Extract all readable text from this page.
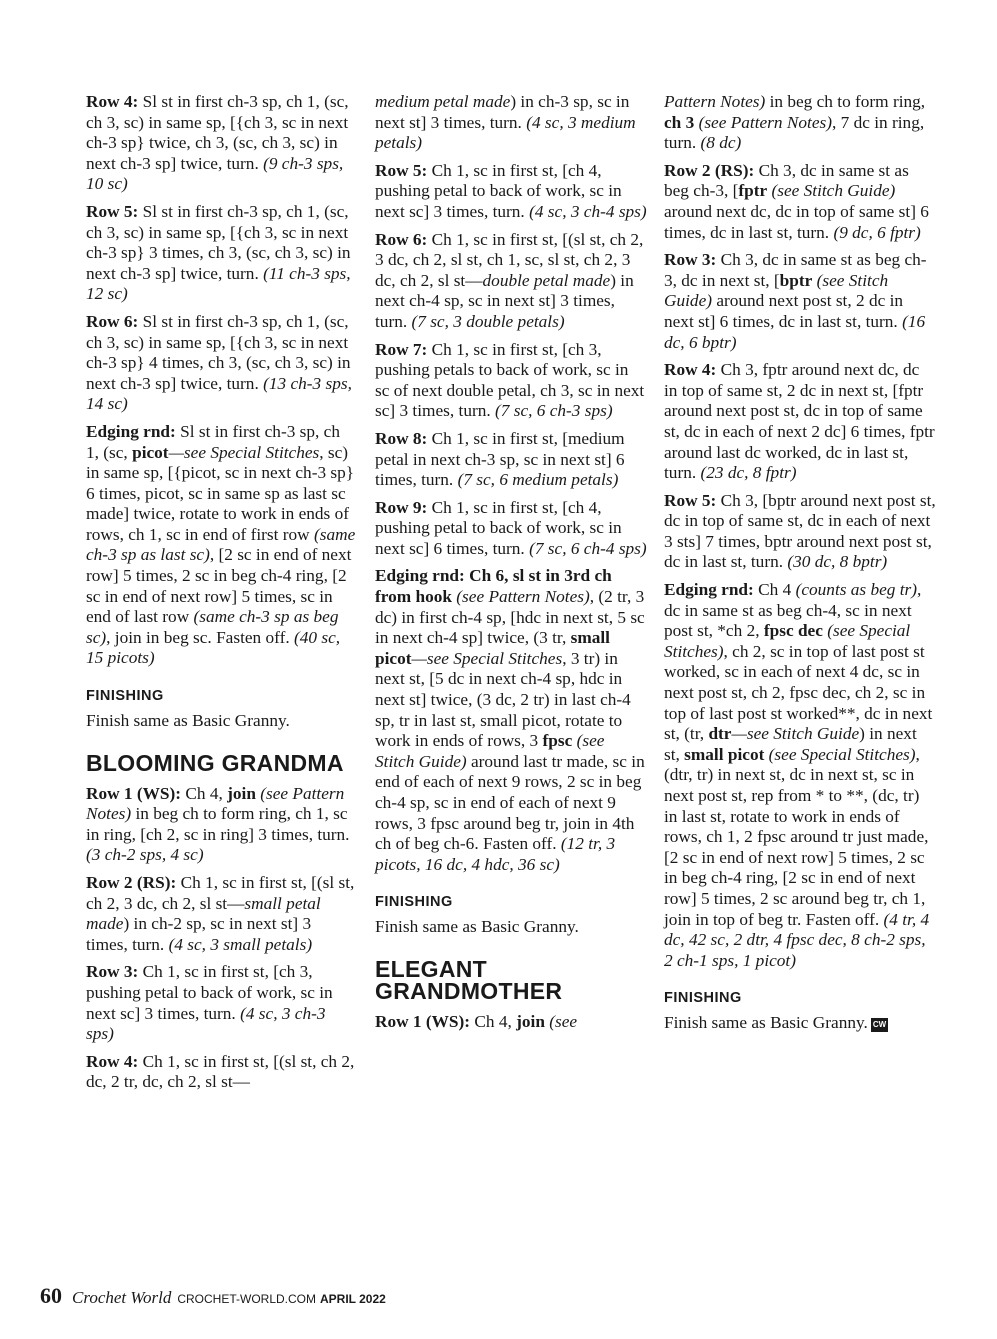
Row 4: Sl st in first ch-3 sp, ch 1, (sc, ch 3, sc) in same sp, [{ch 3, sc in next ch-3 sp} twice, ch 3, (sc, ch 3, sc) in next ch-3 sp] twice, turn. (9 ch-3 sps, 10 sc)

Row 5: Sl st in first ch-3 sp, ch 1, (sc, ch 3, sc) in same sp, [{ch 3, sc in next ch-3 sp} 3 times, ch 3, (sc, ch 3, sc) in next ch-3 sp] twice, turn. (11 ch-3 sps, 12 sc)

Row 6: Sl st in first ch-3 sp, ch 1, (sc, ch 3, sc) in same sp, [{ch 3, sc in next ch-3 sp} 4 times, ch 3, (sc, ch 3, sc) in next ch-3 sp] twice, turn. (13 ch-3 sps, 14 sc)

Edging rnd: Sl st in first ch-3 sp, ch 1, (sc, picot—see Special Stitches, sc) in same sp, [{picot, sc in next ch-3 sp} 6 times, picot, sc in same sp as last sc made] twice, rotate to work in ends of rows, ch 1, sc in end of first row (same ch-3 sp as last sc), [2 sc in end of next row] 5 times, 2 sc in beg ch-4 ring, [2 sc in end of next row] 5 times, sc in end of last row (same ch-3 sp as beg sc), join in beg sc. Fasten off. (40 sc, 15 picots)

FINISHING

Finish same as Basic Granny.

BLOOMING GRANDMA

Row 1 (WS): Ch 4, join (see Pattern Notes) in beg ch to form ring, ch 1, sc in ring, [ch 2, sc in ring] 3 times, turn. (3 ch-2 sps, 4 sc)

Row 2 (RS): Ch 1, sc in first st, [(sl st, ch 2, 3 dc, ch 2, sl st—small petal made) in ch-2 sp, sc in next st] 3 times, turn. (4 sc, 3 small petals)

Row 3: Ch 1, sc in first st, [ch 3, pushing petal to back of work, sc in next sc] 3 times, turn. (4 sc, 3 ch-3 sps)

Row 4: Ch 1, sc in first st, [(sl st, ch 2, dc, 2 tr, dc, ch 2, sl st—

medium petal made) in ch-3 sp, sc in next st] 3 times, turn. (4 sc, 3 medium petals)

Row 5: Ch 1, sc in first st, [ch 4, pushing petal to back of work, sc in next sc] 3 times, turn. (4 sc, 3 ch-4 sps)

Row 6: Ch 1, sc in first st, [(sl st, ch 2, 3 dc, ch 2, sl st, ch 1, sc, sl st, ch 2, 3 dc, ch 2, sl st—double petal made) in next ch-4 sp, sc in next st] 3 times, turn. (7 sc, 3 double petals)

Row 7: Ch 1, sc in first st, [ch 3, pushing petals to back of work, sc in sc of next double petal, ch 3, sc in next sc] 3 times, turn. (7 sc, 6 ch-3 sps)

Row 8: Ch 1, sc in first st, [medium petal in next ch-3 sp, sc in next st] 6 times, turn. (7 sc, 6 medium petals)

Row 9: Ch 1, sc in first st, [ch 4, pushing petal to back of work, sc in next sc] 6 times, turn. (7 sc, 6 ch-4 sps)

Edging rnd: Ch 6, sl st in 3rd ch from hook (see Pattern Notes), (2 tr, 3 dc) in first ch-4 sp, [hdc in next st, 5 sc in next ch-4 sp] twice, (3 tr, small picot—see Special Stitches, 3 tr) in next st, [5 dc in next ch-4 sp, hdc in next st] twice, (3 dc, 2 tr) in last ch-4 sp, tr in last st, small picot, rotate to work in ends of rows, 3 fpsc (see Stitch Guide) around last tr made, sc in end of each of next 9 rows, 2 sc in beg ch-4 sp, sc in end of each of next 9 rows, 3 fpsc around beg tr, join in 4th ch of beg ch-6. Fasten off. (12 tr, 3 picots, 16 dc, 4 hdc, 36 sc)

FINISHING

Finish same as Basic Granny.

ELEGANT
GRANDMOTHER

Row 1 (WS): Ch 4, join (see

Pattern Notes) in beg ch to form ring, ch 3 (see Pattern Notes), 7 dc in ring, turn. (8 dc)

Row 2 (RS): Ch 3, dc in same st as beg ch-3, [fptr (see Stitch Guide) around next dc, dc in top of same st] 6 times, dc in last st, turn. (9 dc, 6 fptr)

Row 3: Ch 3, dc in same st as beg ch-3, dc in next st, [bptr (see Stitch Guide) around next post st, 2 dc in next st] 6 times, dc in last st, turn. (16 dc, 6 bptr)

Row 4: Ch 3, fptr around next dc, dc in top of same st, 2 dc in next st, [fptr around next post st, dc in top of same st, dc in each of next 2 dc] 6 times, fptr around last dc worked, dc in last st, turn. (23 dc, 8 fptr)

Row 5: Ch 3, [bptr around next post st, dc in top of same st, dc in each of next 3 sts] 7 times, bptr around next post st, dc in last st, turn. (30 dc, 8 bptr)

Edging rnd: Ch 4 (counts as beg tr), dc in same st as beg ch-4, sc in next post st, *ch 2, fpsc dec (see Special Stitches), ch 2, sc in top of last post st worked, sc in each of next 4 dc, sc in next post st, ch 2, fpsc dec, ch 2, sc in top of last post st worked**, dc in next st, (tr, dtr—see Stitch Guide) in next st, small picot (see Special Stitches), (dtr, tr) in next st, dc in next st, sc in next post st, rep from * to **, (dc, tr) in last st, rotate to work in ends of rows, ch 1, 2 fpsc around tr just made, [2 sc in end of next row] 5 times, 2 sc in beg ch-4 ring, [2 sc in end of next row] 5 times, 2 sc around beg tr, ch 1, join in top of beg tr. Fasten off. (4 tr, 4 dc, 42 sc, 2 dtr, 4 fpsc dec, 8 ch-2 sps, 2 ch-1 sps, 1 picot)

FINISHING

Finish same as Basic Granny. CW

60 Crochet World CROCHET-WORLD.COM APRIL 2022
